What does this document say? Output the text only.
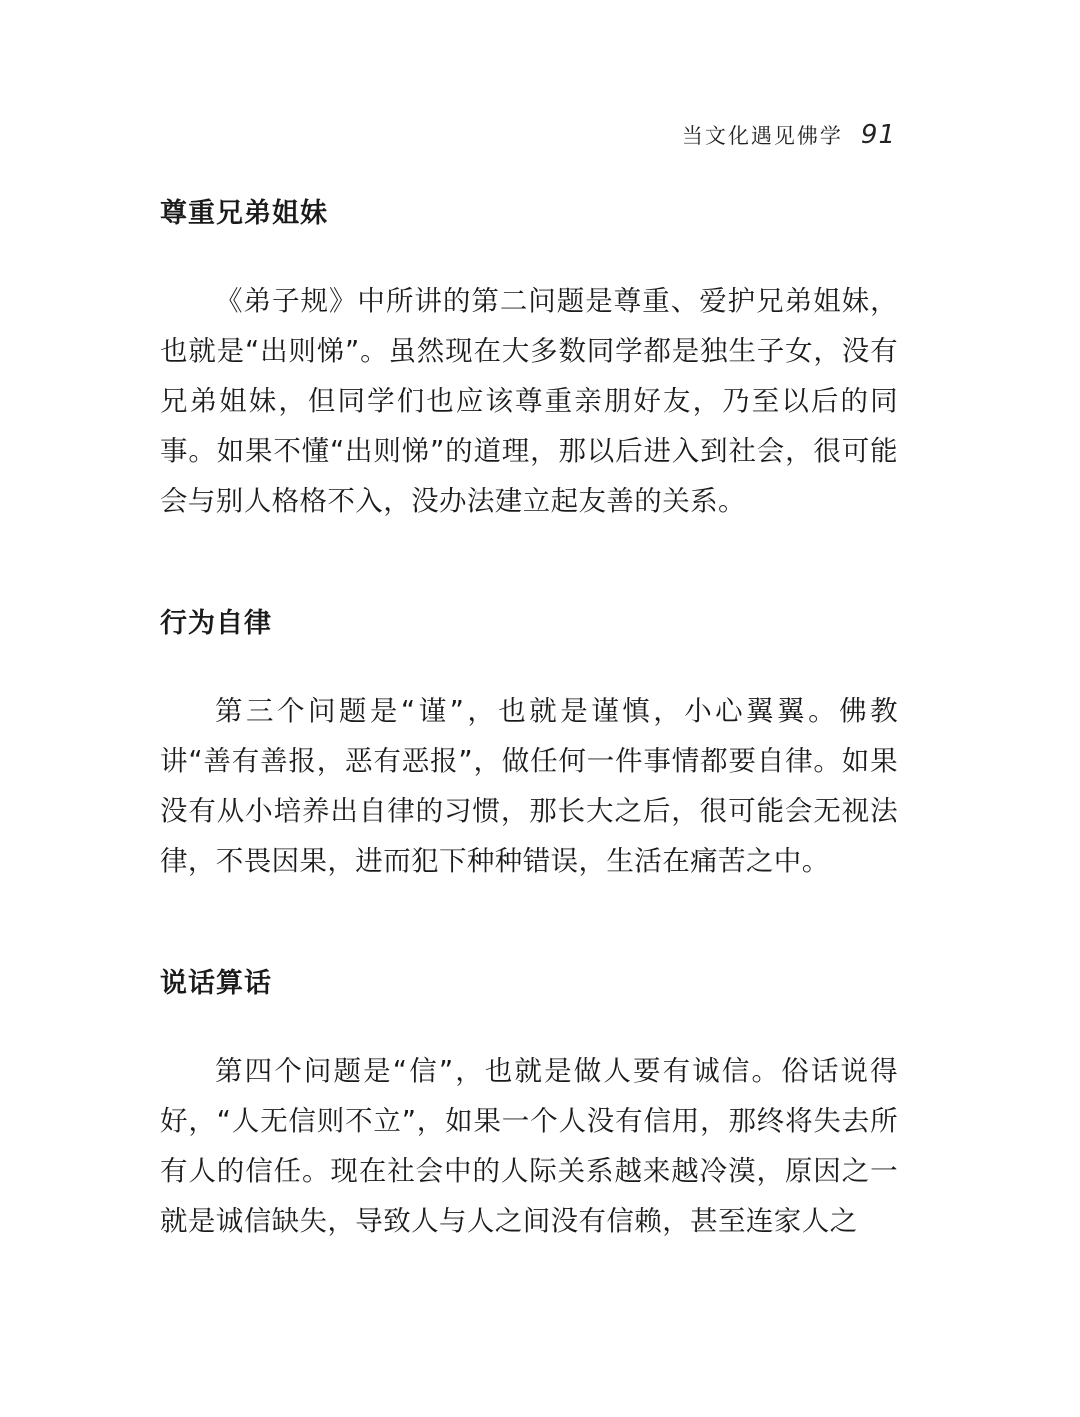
当文化遇见佛学 91
尊重兄弟姐妹

《弟子规》中所讲的第二问题是尊重、爱护兄弟姐妹，也就是“出则悌”。虽然现在大多数同学都是独生子女，没有兄弟姐妹，但同学们也应该尊重亲朋好友，乃至以后的同事。如果不懂“出则悌”的道理，那以后进入到社会，很可能会与别人格格不入，没办法建立起友善的关系。

行为自律

第三个问题是“谨”，也就是谨慎，小心翼翼。佛教讲“善有善报，恶有恶报”，做任何一件事情都要自律。如果没有从小培养出自律的习惯，那长大之后，很可能会无视法律，不畏因果，进而犯下种种错误，生活在痛苦之中。

说话算话

第四个问题是“信”，也就是做人要有诚信。俗话说得好，“人无信则不立”，如果一个人没有信用，那终将失去所有人的信任。现在社会中的人际关系越来越冷漠，原因之一就是诚信缺失，导致人与人之间没有信赖，甚至连家人之
